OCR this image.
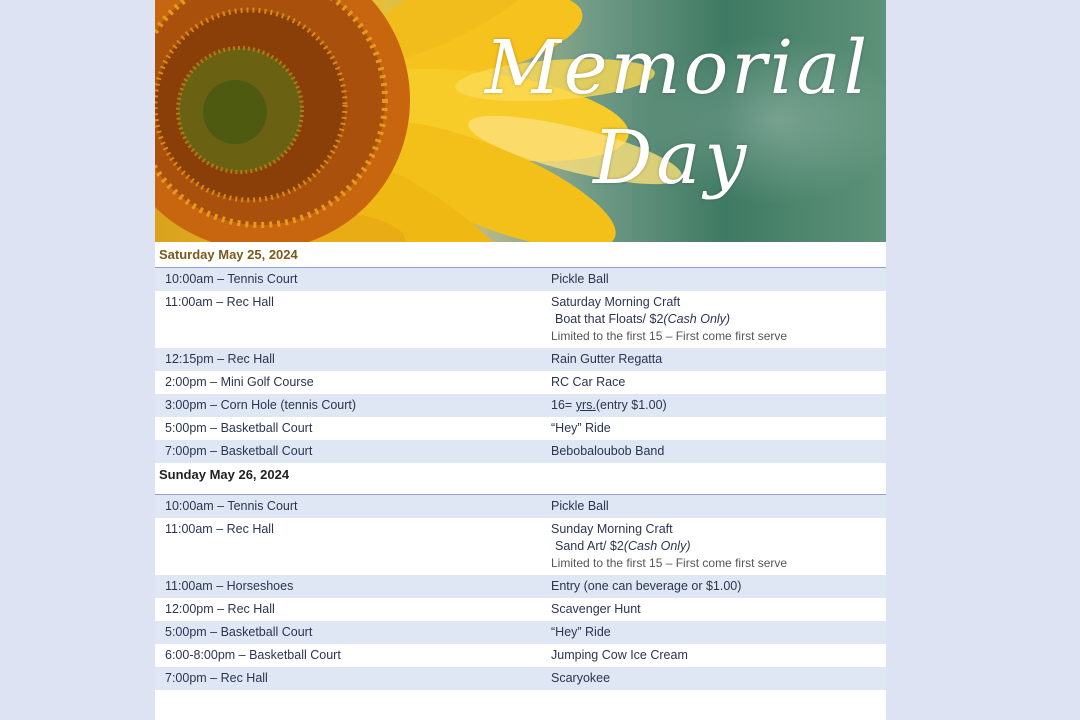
Memorial
Day
Saturday May 25, 2024
10:00am – Tennis Court	Pickle Ball
11:00am – Rec Hall	Saturday Morning Craft
Boat that Floats/ $2(Cash Only)
Limited to the first 15 – First come first serve

12:15pm – Rec Hall	Rain Gutter Regatta
2:00pm – Mini Golf Course	RC Car Race
3:00pm – Corn Hole (tennis Court)	16= yrs.(entry $1.00)
5:00pm – Basketball Court	“Hey” Ride
7:00pm – Basketball Court	Bebobaloubob Band
Sunday May 26, 2024
10:00am – Tennis Court	Pickle Ball
11:00am – Rec Hall	Sunday Morning Craft
Sand Art/ $2(Cash Only)
Limited to the first 15 – First come first serve

11:00am – Horseshoes	Entry (one can beverage or $1.00)
12:00pm – Rec Hall	Scavenger Hunt
5:00pm – Basketball Court	“Hey” Ride
6:00-8:00pm – Basketball Court	Jumping Cow Ice Cream
7:00pm – Rec Hall	Scaryokee
